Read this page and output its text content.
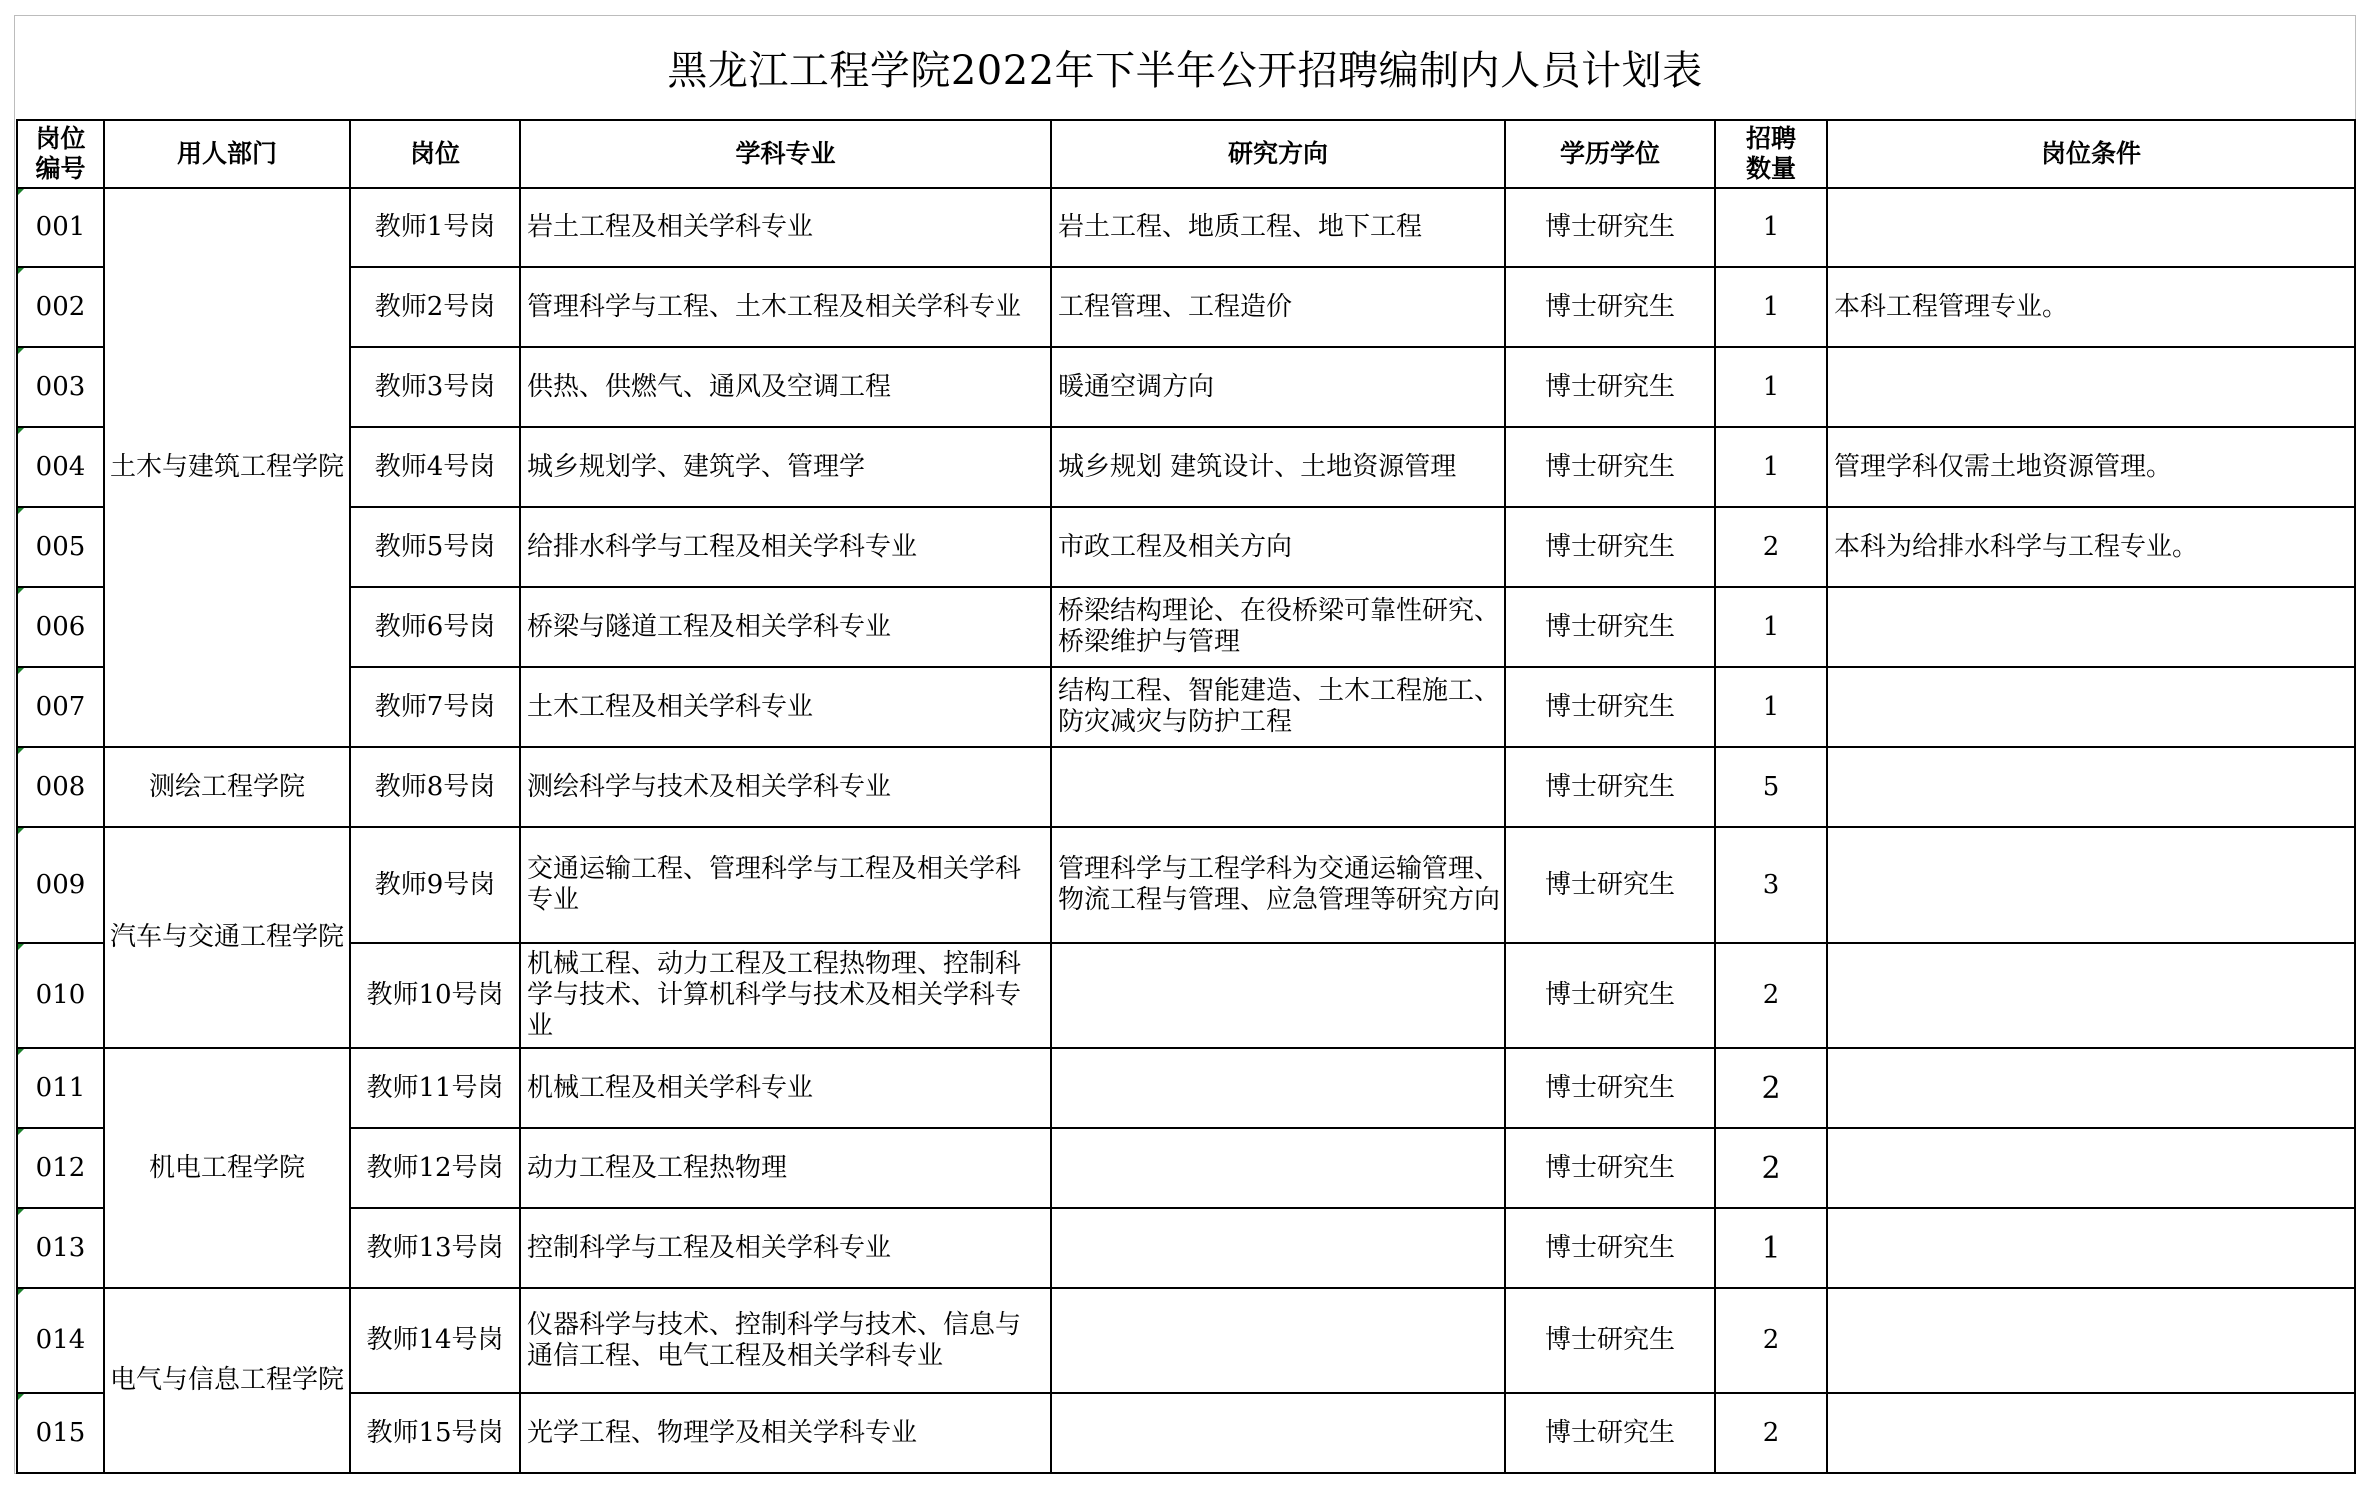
黑龙江工程学院2022年下半年公开招聘编制内人员计划表
岗位编号	用人部门	岗位	学科专业	研究方向	学历学位	招聘数量	岗位条件

001	土木与建筑工程学院	教师1号岗	岩土工程及相关学科专业	岩土工程、地质工程、地下工程	博士研究生	1	

002		教师2号岗	管理科学与工程、土木工程及相关学科专业	工程管理、工程造价	博士研究生	1	本科工程管理专业。

003		教师3号岗	供热、供燃气、通风及空调工程	暖通空调方向	博士研究生	1	

004		教师4号岗	城乡规划学、建筑学、管理学	城乡规划 建筑设计、土地资源管理	博士研究生	1	管理学科仅需土地资源管理。

005		教师5号岗	给排水科学与工程及相关学科专业	市政工程及相关方向	博士研究生	2	本科为给排水科学与工程专业。

006		教师6号岗	桥梁与隧道工程及相关学科专业	桥梁结构理论、在役桥梁可靠性研究、桥梁维护与管理	博士研究生	1	

007		教师7号岗	土木工程及相关学科专业	结构工程、智能建造、土木工程施工、防灾减灾与防护工程	博士研究生	1	

008	测绘工程学院	教师8号岗	测绘科学与技术及相关学科专业		博士研究生	5	

009	汽车与交通工程学院	教师9号岗	交通运输工程、管理科学与工程及相关学科专业	管理科学与工程学科为交通运输管理、物流工程与管理、应急管理等研究方向	博士研究生	3	

010		教师10号岗	机械工程、动力工程及工程热物理、控制科学与技术、计算机科学与技术及相关学科专业		博士研究生	2	

011	机电工程学院	教师11号岗	机械工程及相关学科专业		博士研究生	2	

012		教师12号岗	动力工程及工程热物理		博士研究生	2	

013		教师13号岗	控制科学与工程及相关学科专业		博士研究生	1	

014	电气与信息工程学院	教师14号岗	仪器科学与技术、控制科学与技术、信息与通信工程、电气工程及相关学科专业		博士研究生	2	

015		教师15号岗	光学工程、物理学及相关学科专业		博士研究生	2	
